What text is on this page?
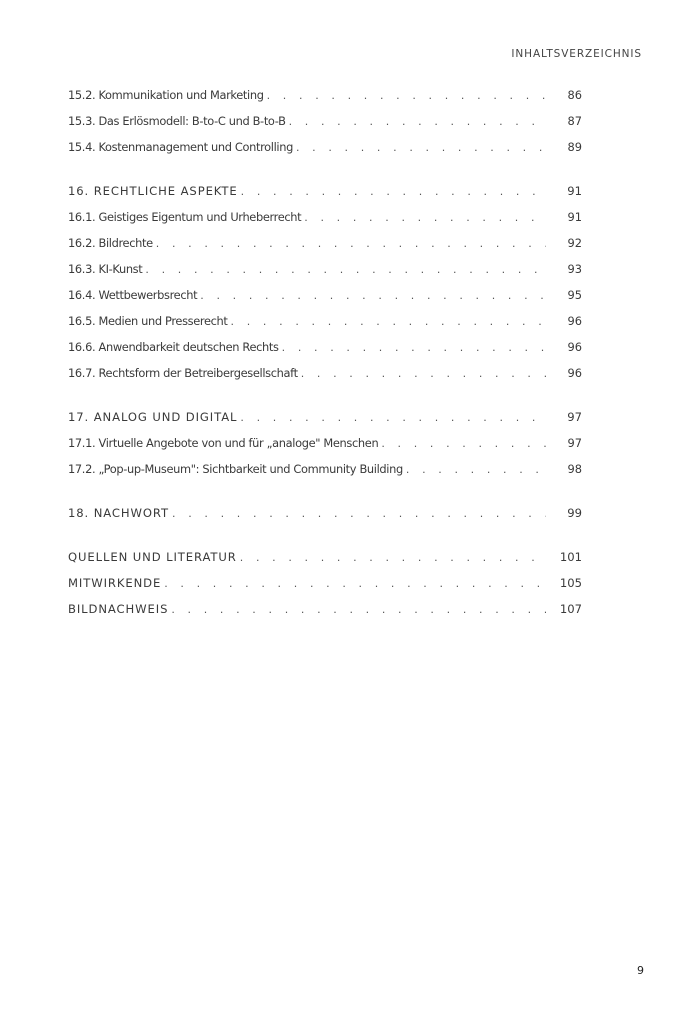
INHALTSVERZEICHNIS
15.2. Kommunikation und Marketing . . .	86
15.3. Das Erlösmodell: B-to-C und B-to-B . . .	87
15.4. Kostenmanagement und Controlling . . .	89
16. RECHTLICHE ASPEKTE . . .	91
16.1. Geistiges Eigentum und Urheberrecht . . .	91
16.2. Bildrechte . . .	92
16.3. KI-Kunst . . .	93
16.4. Wettbewerbsrecht . . .	95
16.5. Medien und Presserecht . . .	96
16.6. Anwendbarkeit deutschen Rechts . . .	96
16.7. Rechtsform der Betreibergesellschaft . . .	96
17. ANALOG UND DIGITAL . . .	97
17.1. Virtuelle Angebote von und für „analoge" Menschen . . .	97
17.2. „Pop-up-Museum": Sichtbarkeit und Community Building . . .	98
18. NACHWORT . . .	99
QUELLEN UND LITERATUR . . .	101
MITWIRKENDE . . .	105
BILDNACHWEIS . . .	107
9
